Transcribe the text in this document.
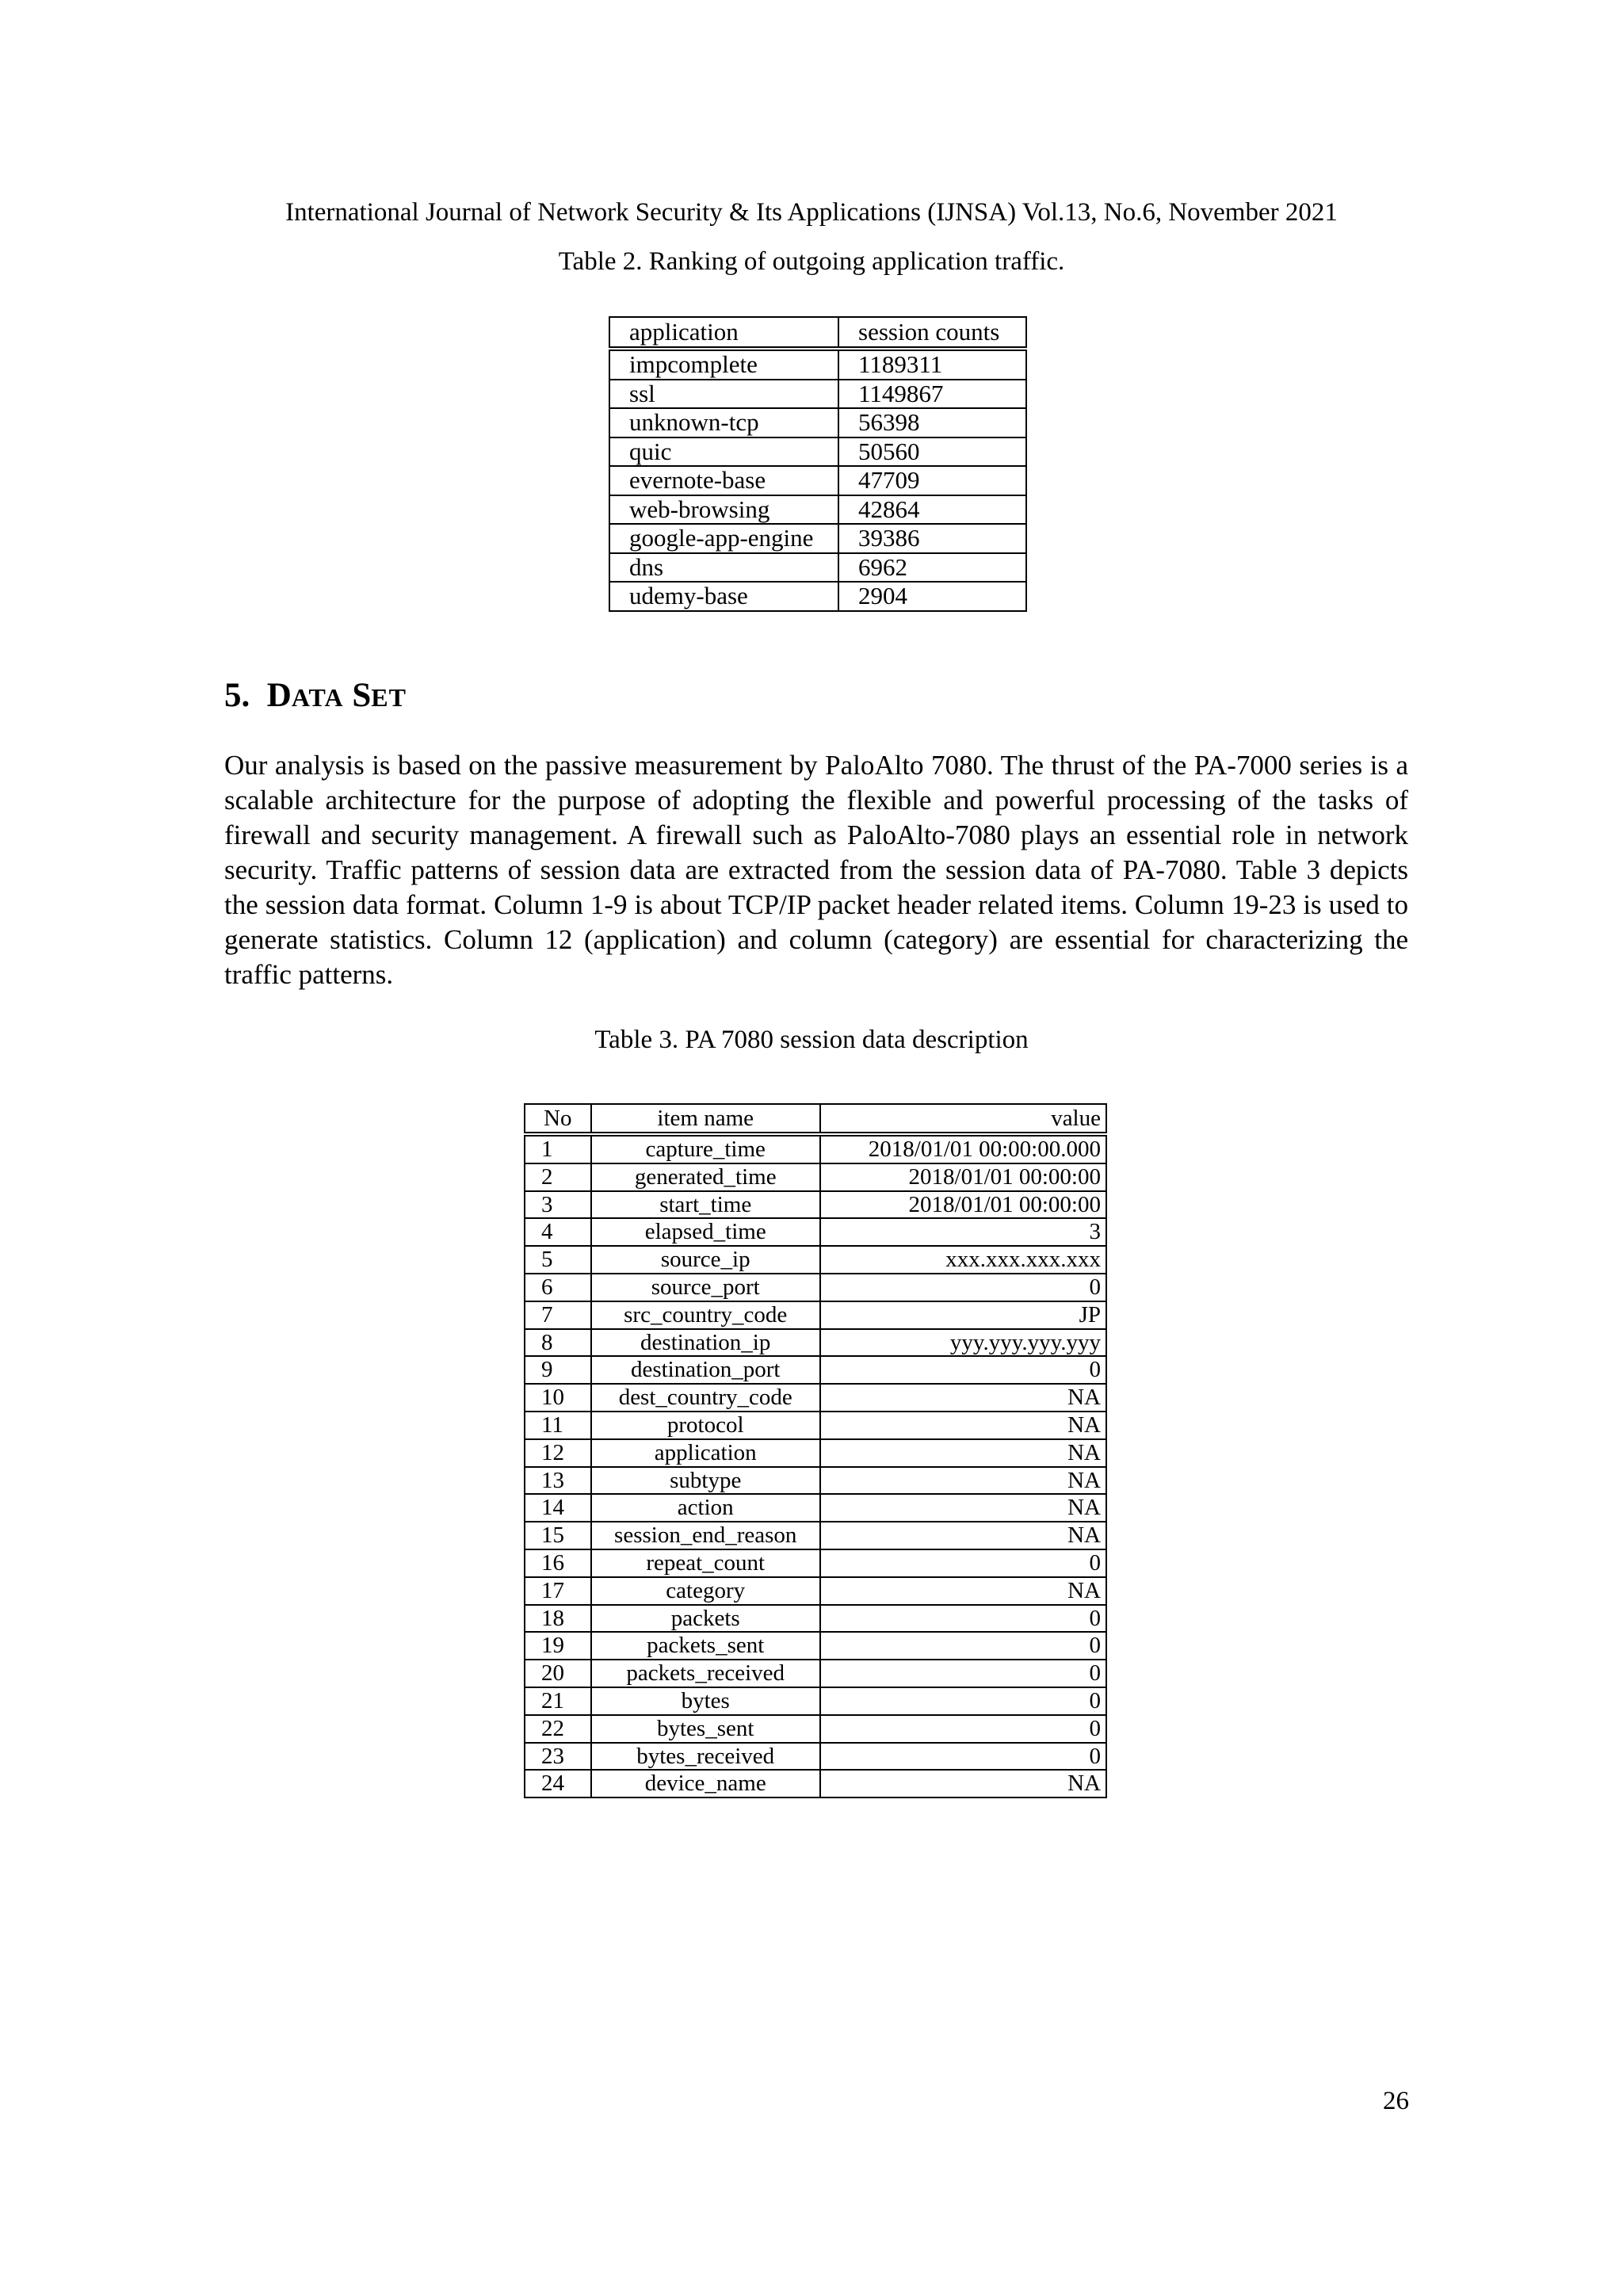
International Journal of Network Security & Its Applications (IJNSA) Vol.13, No.6, November 2021
Table 2. Ranking of outgoing application traffic.
application	session counts
impcomplete	1189311
ssl	1149867
unknown-tcp	56398
quic	50560
evernote-base	47709
web-browsing	42864
google-app-engine	39386
dns	6962
udemy-base	2904
5. DATA SET
Our analysis is based on the passive measurement by PaloAlto 7080. The thrust of the PA-7000 series is a scalable architecture for the purpose of adopting the flexible and powerful processing of the tasks of firewall and security management. A firewall such as PaloAlto-7080 plays an essential role in network security. Traffic patterns of session data are extracted from the session data of PA-7080. Table 3 depicts the session data format. Column 1-9 is about TCP/IP packet header related items. Column 19-23 is used to generate statistics. Column 12 (application) and column (category) are essential for characterizing the traffic patterns.
Table 3. PA 7080 session data description
No	item name	value
1	capture_time	2018/01/01 00:00:00.000
2	generated_time	2018/01/01 00:00:00
3	start_time	2018/01/01 00:00:00
4	elapsed_time	3
5	source_ip	xxx.xxx.xxx.xxx
6	source_port	0
7	src_country_code	JP
8	destination_ip	yyy.yyy.yyy.yyy
9	destination_port	0
10	dest_country_code	NA
11	protocol	NA
12	application	NA
13	subtype	NA
14	action	NA
15	session_end_reason	NA
16	repeat_count	0
17	category	NA
18	packets	0
19	packets_sent	0
20	packets_received	0
21	bytes	0
22	bytes_sent	0
23	bytes_received	0
24	device_name	NA
26
